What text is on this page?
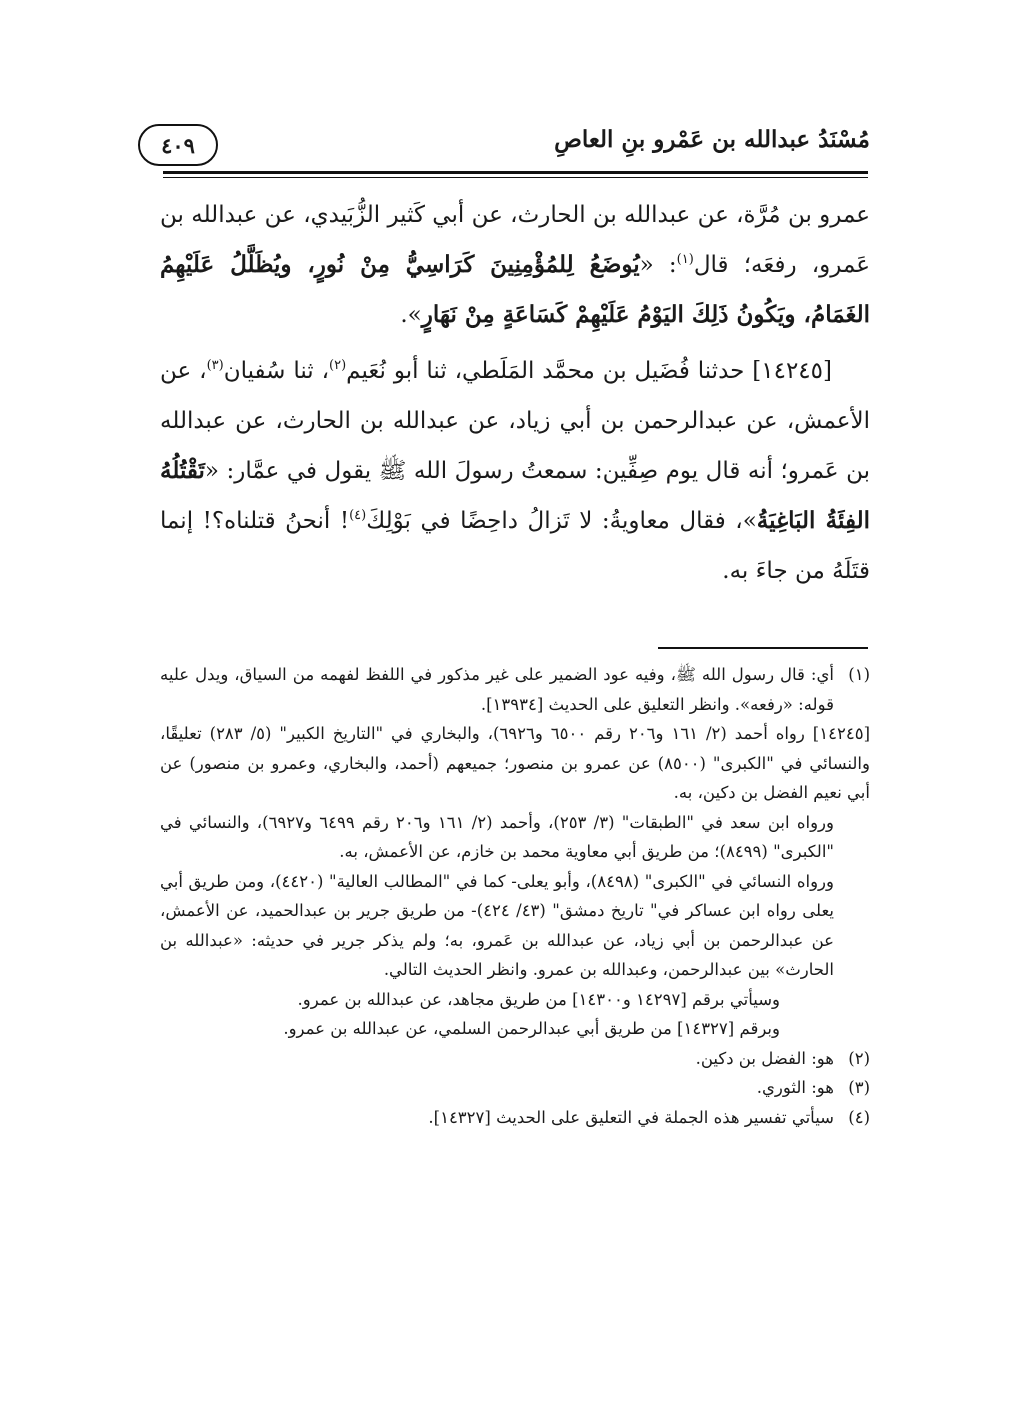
مُسْنَدُ عبدالله بن عَمْرو بنِ العاصِ
٤٠٩

عمرو بن مُرَّة، عن عبدالله بن الحارث، عن أبي كَثير الزُّبَيدي، عن عبدالله بن عَمرو، رفعَه؛ قال$^{(١)}$: «يُوضَعُ لِلمُؤْمِنِينَ كَرَاسِيُّ مِنْ نُورٍ، ويُظَلَّلُ عَلَيْهِمُ الغَمَامُ، ويَكُونُ ذَلِكَ اليَوْمُ عَلَيْهِمْ كَسَاعَةٍ مِنْ نَهَارٍ».

[١٤٢٤٥] حدثنا فُضَيل بن محمَّد المَلَطي، ثنا أبو نُعَيم$^{(٢)}$، ثنا سُفيان$^{(٣)}$، عن الأعمش، عن عبدالرحمن بن أبي زياد، عن عبدالله بن الحارث، عن عبدالله بن عَمرو؛ أنه قال يوم صِفِّين: سمعتُ رسولَ الله ﷺ يقول في عمَّار: «تَقْتُلُهُ الفِئَةُ البَاغِيَةُ»، فقال معاويةُ: لا تَزالُ داحِضًا في بَوْلِكَ$^{(٤)}$! أنحنُ قتلناه؟! إنما قتَلَهُ من جاءَ به.

(١)أي: قال رسول الله ﷺ، وفيه عود الضمير على غير مذكور في اللفظ لفهمه من السياق، ويدل عليه قوله: «رفعه». وانظر التعليق على الحديث [١٣٩٣٤].
[١٤٢٤٥] رواه أحمد (٢/ ١٦١ و٢٠٦ رقم ٦٥٠٠ و٦٩٢٦)، والبخاري في "التاريخ الكبير" (٥/ ٢٨٣) تعليقًا، والنسائي في "الكبرى" (٨٥٠٠) عن عمرو بن منصور؛ جميعهم (أحمد، والبخاري، وعمرو بن منصور) عن أبي نعيم الفضل بن دكين، به.
ورواه ابن سعد في "الطبقات" (٣/ ٢٥٣)، وأحمد (٢/ ١٦١ و٢٠٦ رقم ٦٤٩٩ و٦٩٢٧)، والنسائي في "الكبرى" (٨٤٩٩)؛ من طريق أبي معاوية محمد بن خازم، عن الأعمش، به.
ورواه النسائي في "الكبرى" (٨٤٩٨)، وأبو يعلى- كما في "المطالب العالية" (٤٤٢٠)، ومن طريق أبي يعلى رواه ابن عساكر في" تاريخ دمشق" (٤٣/ ٤٢٤)- من طريق جرير بن عبدالحميد، عن الأعمش، عن عبدالرحمن بن أبي زياد، عن عبدالله بن عَمرو، به؛ ولم يذكر جرير في حديثه: «عبدالله بن الحارث» بين عبدالرحمن، وعبدالله بن عمرو. وانظر الحديث التالي.
وسيأتي برقم [١٤٢٩٧ و١٤٣٠٠] من طريق مجاهد، عن عبدالله بن عمرو.
وبرقم [١٤٣٢٧] من طريق أبي عبدالرحمن السلمي، عن عبدالله بن عمرو.
(٢)هو: الفضل بن دكين.
(٣)هو: الثوري.
(٤)سيأتي تفسير هذه الجملة في التعليق على الحديث [١٤٣٢٧].
